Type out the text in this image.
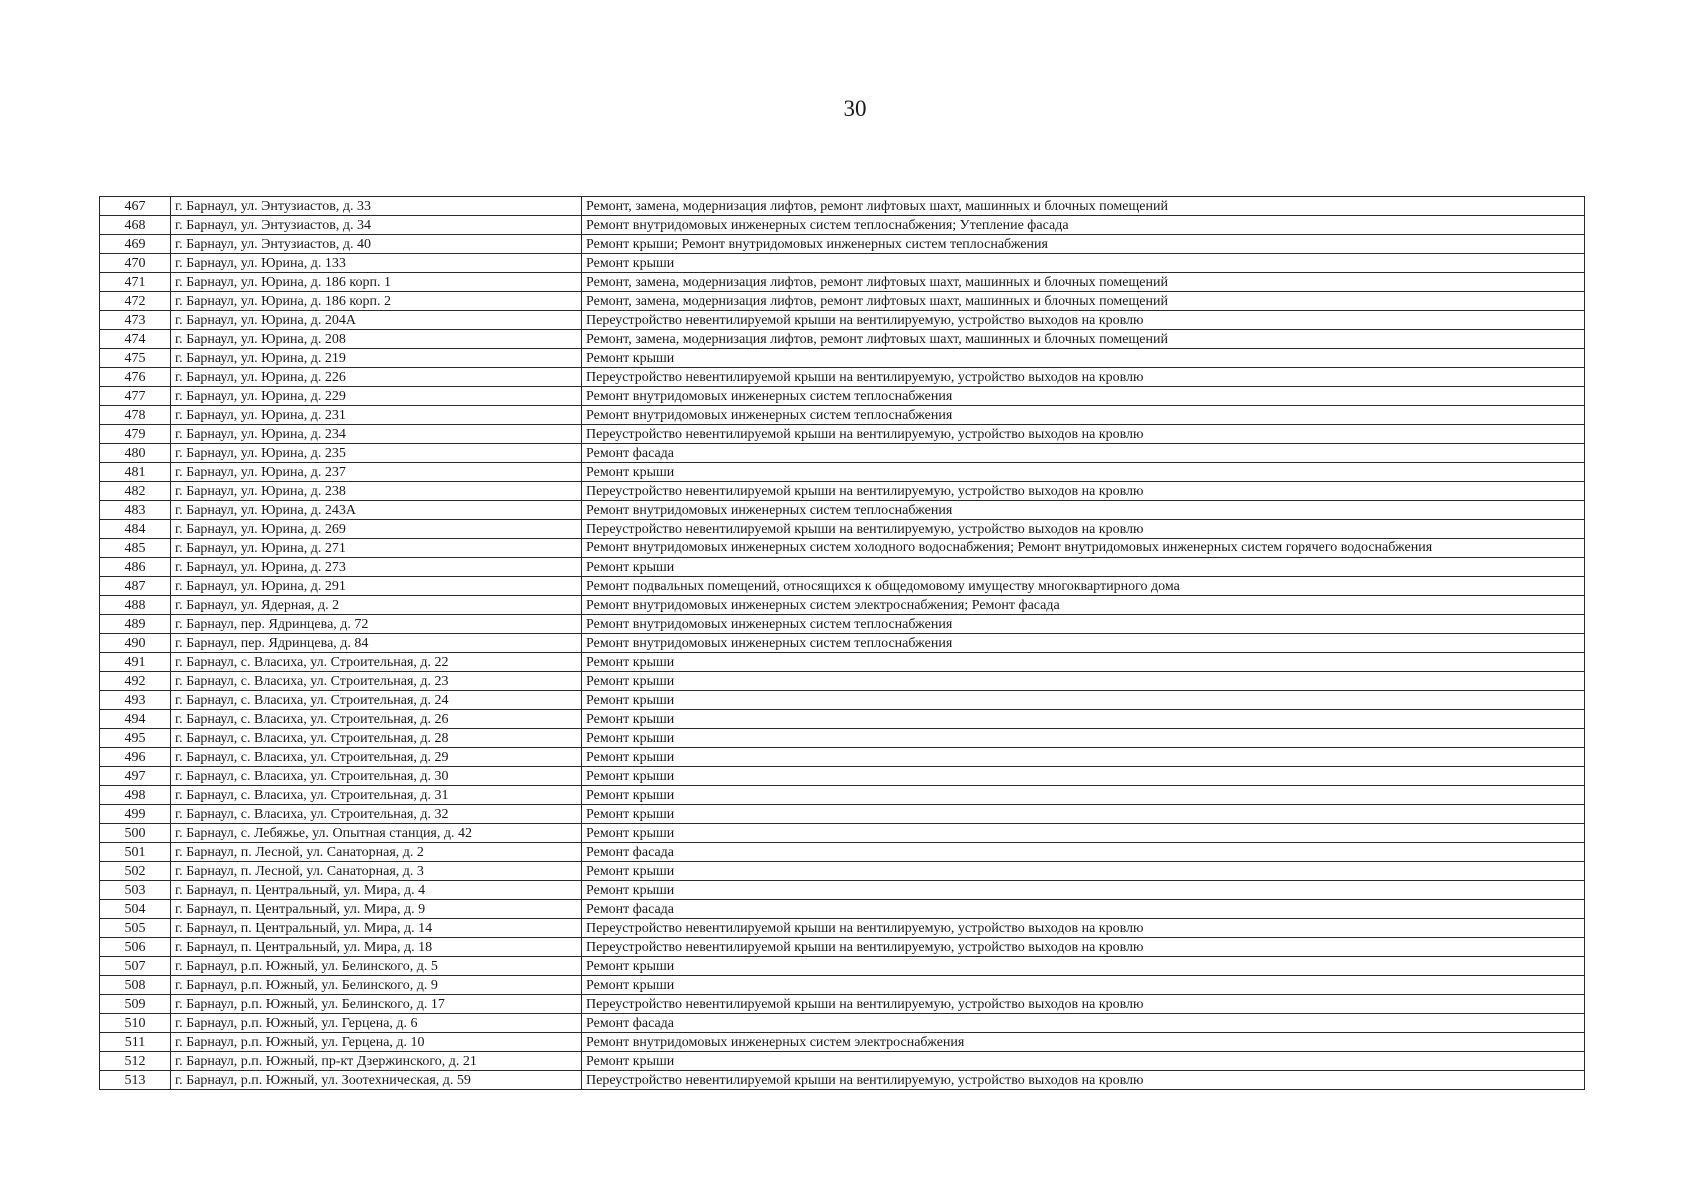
30
467	г. Барнаул, ул. Энтузиастов, д. 33	Ремонт, замена, модернизация лифтов, ремонт лифтовых шахт, машинных и блочных помещений
468	г. Барнаул, ул. Энтузиастов, д. 34	Ремонт внутридомовых инженерных систем теплоснабжения; Утепление фасада
469	г. Барнаул, ул. Энтузиастов, д. 40	Ремонт крыши; Ремонт внутридомовых инженерных систем теплоснабжения
470	г. Барнаул, ул. Юрина, д. 133	Ремонт крыши
471	г. Барнаул, ул. Юрина, д. 186 корп. 1	Ремонт, замена, модернизация лифтов, ремонт лифтовых шахт, машинных и блочных помещений
472	г. Барнаул, ул. Юрина, д. 186 корп. 2	Ремонт, замена, модернизация лифтов, ремонт лифтовых шахт, машинных и блочных помещений
473	г. Барнаул, ул. Юрина, д. 204А	Переустройство невентилируемой крыши на вентилируемую, устройство выходов на кровлю
474	г. Барнаул, ул. Юрина, д. 208	Ремонт, замена, модернизация лифтов, ремонт лифтовых шахт, машинных и блочных помещений
475	г. Барнаул, ул. Юрина, д. 219	Ремонт крыши
476	г. Барнаул, ул. Юрина, д. 226	Переустройство невентилируемой крыши на вентилируемую, устройство выходов на кровлю
477	г. Барнаул, ул. Юрина, д. 229	Ремонт внутридомовых инженерных систем теплоснабжения
478	г. Барнаул, ул. Юрина, д. 231	Ремонт внутридомовых инженерных систем теплоснабжения
479	г. Барнаул, ул. Юрина, д. 234	Переустройство невентилируемой крыши на вентилируемую, устройство выходов на кровлю
480	г. Барнаул, ул. Юрина, д. 235	Ремонт фасада
481	г. Барнаул, ул. Юрина, д. 237	Ремонт крыши
482	г. Барнаул, ул. Юрина, д. 238	Переустройство невентилируемой крыши на вентилируемую, устройство выходов на кровлю
483	г. Барнаул, ул. Юрина, д. 243А	Ремонт внутридомовых инженерных систем теплоснабжения
484	г. Барнаул, ул. Юрина, д. 269	Переустройство невентилируемой крыши на вентилируемую, устройство выходов на кровлю
485	г. Барнаул, ул. Юрина, д. 271	Ремонт внутридомовых инженерных систем холодного водоснабжения; Ремонт внутридомовых инженерных систем горячего водоснабжения
486	г. Барнаул, ул. Юрина, д. 273	Ремонт крыши
487	г. Барнаул, ул. Юрина, д. 291	Ремонт подвальных помещений, относящихся к общедомовому имуществу многоквартирного дома
488	г. Барнаул, ул. Ядерная, д. 2	Ремонт внутридомовых инженерных систем электроснабжения; Ремонт фасада
489	г. Барнаул, пер. Ядринцева, д. 72	Ремонт внутридомовых инженерных систем теплоснабжения
490	г. Барнаул, пер. Ядринцева, д. 84	Ремонт внутридомовых инженерных систем теплоснабжения
491	г. Барнаул, с. Власиха, ул. Строительная, д. 22	Ремонт крыши
492	г. Барнаул, с. Власиха, ул. Строительная, д. 23	Ремонт крыши
493	г. Барнаул, с. Власиха, ул. Строительная, д. 24	Ремонт крыши
494	г. Барнаул, с. Власиха, ул. Строительная, д. 26	Ремонт крыши
495	г. Барнаул, с. Власиха, ул. Строительная, д. 28	Ремонт крыши
496	г. Барнаул, с. Власиха, ул. Строительная, д. 29	Ремонт крыши
497	г. Барнаул, с. Власиха, ул. Строительная, д. 30	Ремонт крыши
498	г. Барнаул, с. Власиха, ул. Строительная, д. 31	Ремонт крыши
499	г. Барнаул, с. Власиха, ул. Строительная, д. 32	Ремонт крыши
500	г. Барнаул, с. Лебяжье, ул. Опытная станция, д. 42	Ремонт крыши
501	г. Барнаул, п. Лесной, ул. Санаторная, д. 2	Ремонт фасада
502	г. Барнаул, п. Лесной, ул. Санаторная, д. 3	Ремонт крыши
503	г. Барнаул, п. Центральный, ул. Мира, д. 4	Ремонт крыши
504	г. Барнаул, п. Центральный, ул. Мира, д. 9	Ремонт фасада
505	г. Барнаул, п. Центральный, ул. Мира, д. 14	Переустройство невентилируемой крыши на вентилируемую, устройство выходов на кровлю
506	г. Барнаул, п. Центральный, ул. Мира, д. 18	Переустройство невентилируемой крыши на вентилируемую, устройство выходов на кровлю
507	г. Барнаул, р.п. Южный, ул. Белинского, д. 5	Ремонт крыши
508	г. Барнаул, р.п. Южный, ул. Белинского, д. 9	Ремонт крыши
509	г. Барнаул, р.п. Южный, ул. Белинского, д. 17	Переустройство невентилируемой крыши на вентилируемую, устройство выходов на кровлю
510	г. Барнаул, р.п. Южный, ул. Герцена, д. 6	Ремонт фасада
511	г. Барнаул, р.п. Южный, ул. Герцена, д. 10	Ремонт внутридомовых инженерных систем электроснабжения
512	г. Барнаул, р.п. Южный, пр-кт Дзержинского, д. 21	Ремонт крыши
513	г. Барнаул, р.п. Южный, ул. Зоотехническая, д. 59	Переустройство невентилируемой крыши на вентилируемую, устройство выходов на кровлю
